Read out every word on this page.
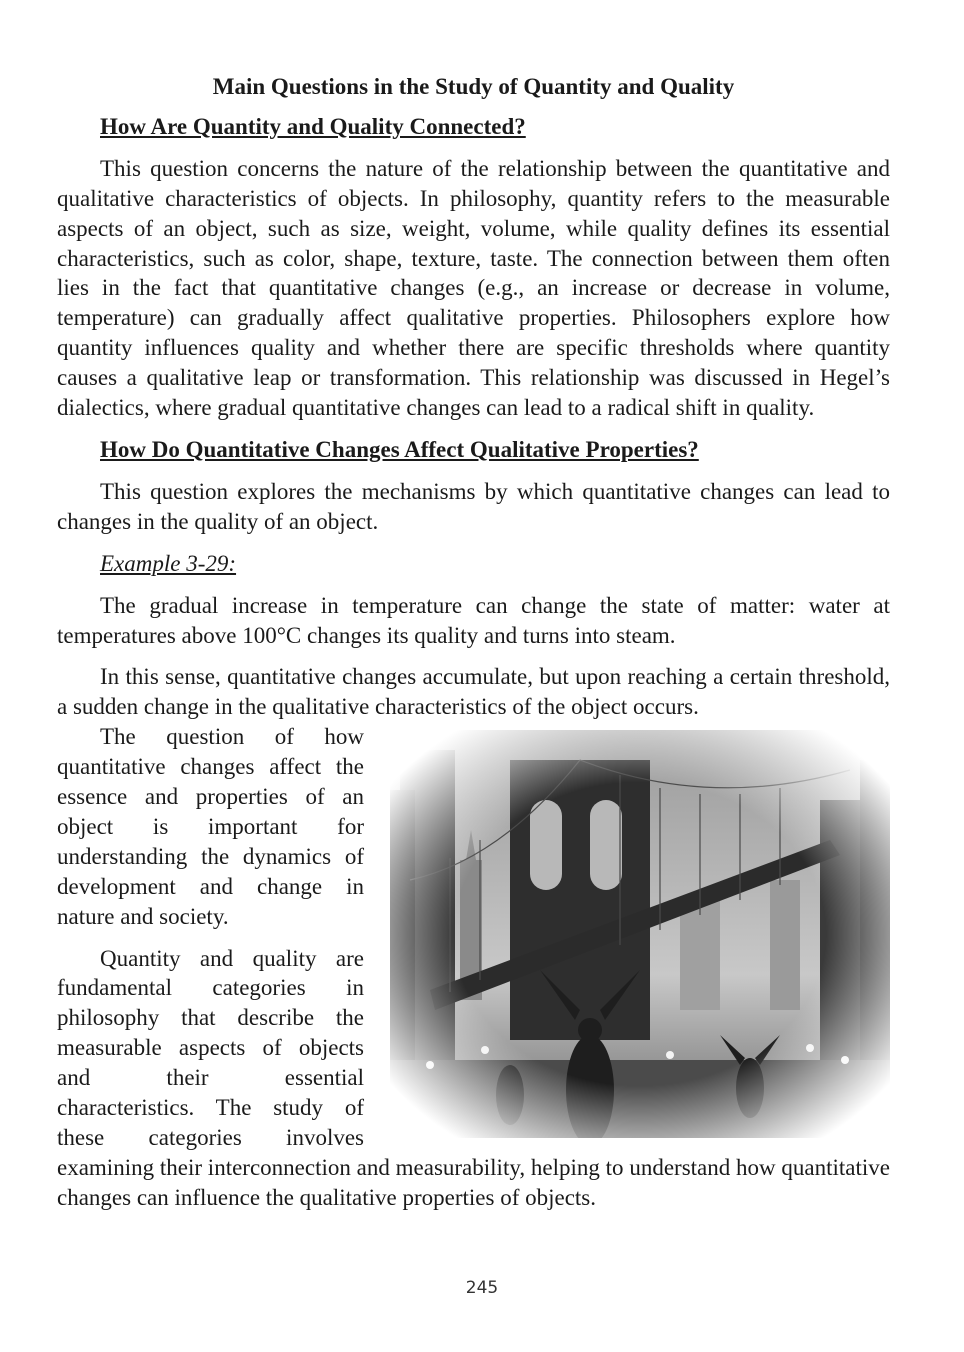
Main Questions in the Study of Quantity and Quality
How Are Quantity and Quality Connected?
This question concerns the nature of the relationship between the quantitative and qualitative characteristics of objects. In philosophy, quantity refers to the measurable aspects of an object, such as size, weight, volume, while quality defines its essential characteristics, such as color, shape, texture, taste. The connection between them often lies in the fact that quantitative changes (e.g., an increase or decrease in volume, temperature) can gradually affect qualitative properties. Philosophers explore how quantity influences quality and whether there are specific thresholds where quantity causes a qualitative leap or transformation. This relationship was discussed in Hegel’s dialectics, where gradual quantitative changes can lead to a radical shift in quality.
How Do Quantitative Changes Affect Qualitative Properties?
This question explores the mechanisms by which quantitative changes can lead to changes in the quality of an object.
Example 3-29:
The gradual increase in temperature can change the state of matter: water at temperatures above 100°C changes its quality and turns into steam.
In this sense, quantitative changes accumulate, but upon reaching a certain threshold, a sudden change in the qualitative characteristics of the object occurs.
The question of how quantitative changes affect the essence and properties of an object is important for understanding the dynamics of development and change in nature and society.
Quantity and quality are fundamental categories in philosophy that describe the measurable aspects of objects and their essential characteristics. The study of these categories involves examining their interconnection and measurability, helping to understand how quantitative changes can influence the qualitative properties of objects.
245
